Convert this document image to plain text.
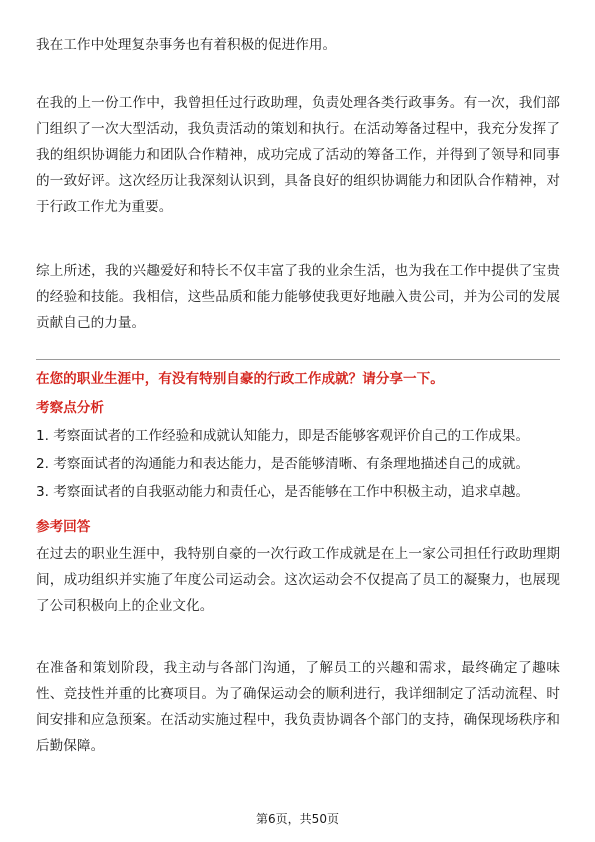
我在工作中处理复杂事务也有着积极的促进作用。

在我的上一份工作中，我曾担任过行政助理，负责处理各类行政事务。有一次，我们部门组织了一次大型活动，我负责活动的策划和执行。在活动筹备过程中，我充分发挥了我的组织协调能力和团队合作精神，成功完成了活动的筹备工作，并得到了领导和同事的一致好评。这次经历让我深刻认识到，具备良好的组织协调能力和团队合作精神，对于行政工作尤为重要。

综上所述，我的兴趣爱好和特长不仅丰富了我的业余生活，也为我在工作中提供了宝贵的经验和技能。我相信，这些品质和能力能够使我更好地融入贵公司，并为公司的发展贡献自己的力量。

在您的职业生涯中，有没有特别自豪的行政工作成就？请分享一下。

考察点分析

1. 考察面试者的工作经验和成就认知能力，即是否能够客观评价自己的工作成果。
2. 考察面试者的沟通能力和表达能力，是否能够清晰、有条理地描述自己的成就。
3. 考察面试者的自我驱动能力和责任心，是否能够在工作中积极主动，追求卓越。

参考回答

在过去的职业生涯中，我特别自豪的一次行政工作成就是在上一家公司担任行政助理期间，成功组织并实施了年度公司运动会。这次运动会不仅提高了员工的凝聚力，也展现了公司积极向上的企业文化。

在准备和策划阶段，我主动与各部门沟通，了解员工的兴趣和需求，最终确定了趣味性、竞技性并重的比赛项目。为了确保运动会的顺利进行，我详细制定了活动流程、时间安排和应急预案。在活动实施过程中，我负责协调各个部门的支持，确保现场秩序和后勤保障。

第6页，共50页
